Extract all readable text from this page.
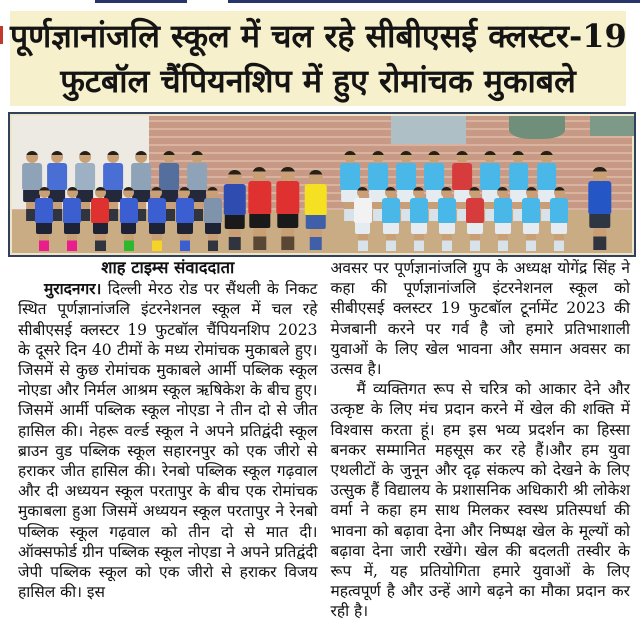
पूर्णज्ञानांजलि स्कूल में चल रहे सीबीएसई क्लस्टर-19
फुटबॉल चैंपियनशिप में हुए रोमांचक मुकाबले

शाह टाइम्स संवाददाता

मुरादनगर। दिल्ली मेरठ रोड पर सैंथली के निकट स्थित पूर्णज्ञानांजलि इंटरनेशनल स्कूल में चल रहे सीबीएसई क्लस्टर 19 फुटबॉल चैंपियनशिप 2023 के दूसरे दिन 40 टीमों के मध्य रोमांचक मुकाबले हुए। जिसमें से कुछ रोमांचक मुकाबले आर्मी पब्लिक स्कूल नोएडा और निर्मल आश्रम स्कूल ऋषिकेश के बीच हुए। जिसमें आर्मी पब्लिक स्कूल नोएडा ने तीन दो से जीत हासिल की। नेहरू वर्ल्ड स्कूल ने अपने प्रतिद्वंदी स्कूल ब्राउन वुड पब्लिक स्कूल सहारनपुर को एक जीरो से हराकर जीत हासिल की। रेनबो पब्लिक स्कूल गढ़वाल और दी अध्ययन स्कूल परतापुर के बीच एक रोमांचक मुकाबला हुआ जिसमें अध्ययन स्कूल परतापुर ने रेनबो पब्लिक स्कूल गढ़वाल को तीन दो से मात दी। ऑक्सफोर्ड ग्रीन पब्लिक स्कूल नोएडा ने अपने प्रतिद्वंदी जेपी पब्लिक स्कूल को एक जीरो से हराकर विजय हासिल की। इस

अवसर पर पूर्णज्ञानांजलि ग्रुप के अध्यक्ष योगेंद्र सिंह ने कहा की पूर्णज्ञानांजलि इंटरनेशनल स्कूल को सीबीएसई क्लस्टर 19 फुटबॉल टूर्नामेंट 2023 की मेजबानी करने पर गर्व है जो हमारे प्रतिभाशाली युवाओं के लिए खेल भावना और समान अवसर का उत्सव है।

मैं व्यक्तिगत रूप से चरित्र को आकार देने और उत्कृष्ट के लिए मंच प्रदान करने में खेल की शक्ति में विश्वास करता हूं। हम इस भव्य प्रदर्शन का हिस्सा बनकर सम्मानित महसूस कर रहे हैं।और हम युवा एथलीटों के जुनून और दृढ़ संकल्प को देखने के लिए उत्सुक हैं विद्यालय के प्रशासनिक अधिकारी श्री लोकेश वर्मा ने कहा हम साथ मिलकर स्वस्थ प्रतिस्पर्धा की भावना को बढ़ावा देना और निष्पक्ष खेल के मूल्यों को बढ़ावा देना जारी रखेंगे। खेल की बदलती तस्वीर के रूप में, यह प्रतियोगिता हमारे युवाओं के लिए महत्वपूर्ण है और उन्हें आगे बढ़ने का मौका प्रदान कर रही है।
